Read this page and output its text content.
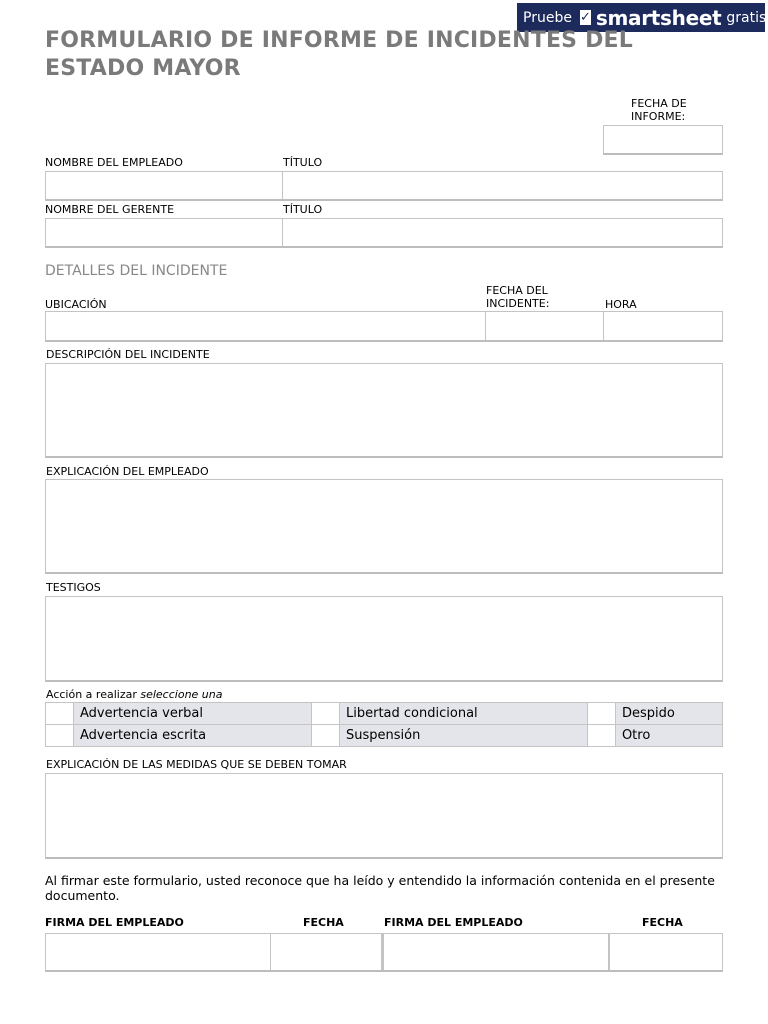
Pruebe ✓ smartsheet gratis
FORMULARIO DE INFORME DE INCIDENTES DEL ESTADO MAYOR
FECHA DE INFORME:
NOMBRE DEL EMPLEADO	TÍTULO
NOMBRE DEL GERENTE	TÍTULO
DETALLES DEL INCIDENTE
UBICACIÓN
FECHA DEL INCIDENTE:	HORA
DESCRIPCIÓN DEL INCIDENTE
EXPLICACIÓN DEL EMPLEADO
TESTIGOS
Acción a realizar seleccione una
	Advertencia verbal		Libertad condicional		Despido
	Advertencia escrita		Suspensión		Otro
EXPLICACIÓN DE LAS MEDIDAS QUE SE DEBEN TOMAR
Al firmar este formulario, usted reconoce que ha leído y entendido la información contenida en el presente documento.
FIRMA DEL EMPLEADO	FECHA	FIRMA DEL EMPLEADO	FECHA
